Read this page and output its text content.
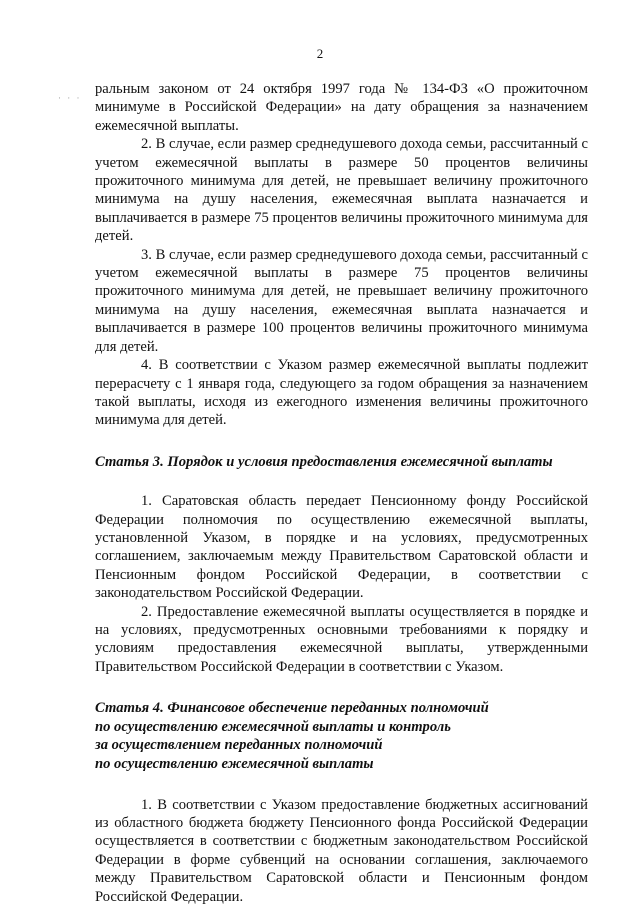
2
· · ·

рaльным законом от 24 октября 1997 года № 134-ФЗ «О прожиточном минимуме в Российской Федерации» на дату обращения за назначением ежемесячной выплаты.

2. В случае, если размер среднедушевого дохода семьи, рассчитанный с учетом ежемесячной выплаты в размере 50 процентов величины прожиточного минимума для детей, не превышает величину прожиточного минимума на душу населения, ежемесячная выплата назначается и выплачивается в размере 75 процентов величины прожиточного минимума для детей.

3. В случае, если размер среднедушевого дохода семьи, рассчитанный с учетом ежемесячной выплаты в размере 75 процентов величины прожиточного минимума для детей, не превышает величину прожиточного минимума на душу населения, ежемесячная выплата назначается и выплачивается в размере 100 процентов величины прожиточного минимума для детей.

4. В соответствии с Указом размер ежемесячной выплаты подлежит перерасчету с 1 января года, следующего за годом обращения за назначением такой выплаты, исходя из ежегодного изменения величины прожиточного минимума для детей.

Статья 3. Порядок и условия предоставления ежемесячной выплаты

1. Саратовская область передает Пенсионному фонду Российской Федерации полномочия по осуществлению ежемесячной выплаты, установленной Указом, в порядке и на условиях, предусмотренных соглашением, заключаемым между Правительством Саратовской области и Пенсионным фондом Российской Федерации, в соответствии с законодательством Российской Федерации.

2. Предоставление ежемесячной выплаты осуществляется в порядке и на условиях, предусмотренных основными требованиями к порядку и условиям предоставления ежемесячной выплаты, утвержденными Правительством Российской Федерации в соответствии с Указом.

Статья 4. Финансовое обеспечение переданных полномочий
по осуществлению ежемесячной выплаты и контроль
за осуществлением переданных полномочий
по осуществлению ежемесячной выплаты

1. В соответствии с Указом предоставление бюджетных ассигнований из областного бюджета бюджету Пенсионного фонда Российской Федерации осуществляется в соответствии с бюджетным законодательством Российской Федерации в форме субвенций на основании соглашения, заключаемого между Правительством Саратовской области и Пенсионным фондом Российской Федерации.
